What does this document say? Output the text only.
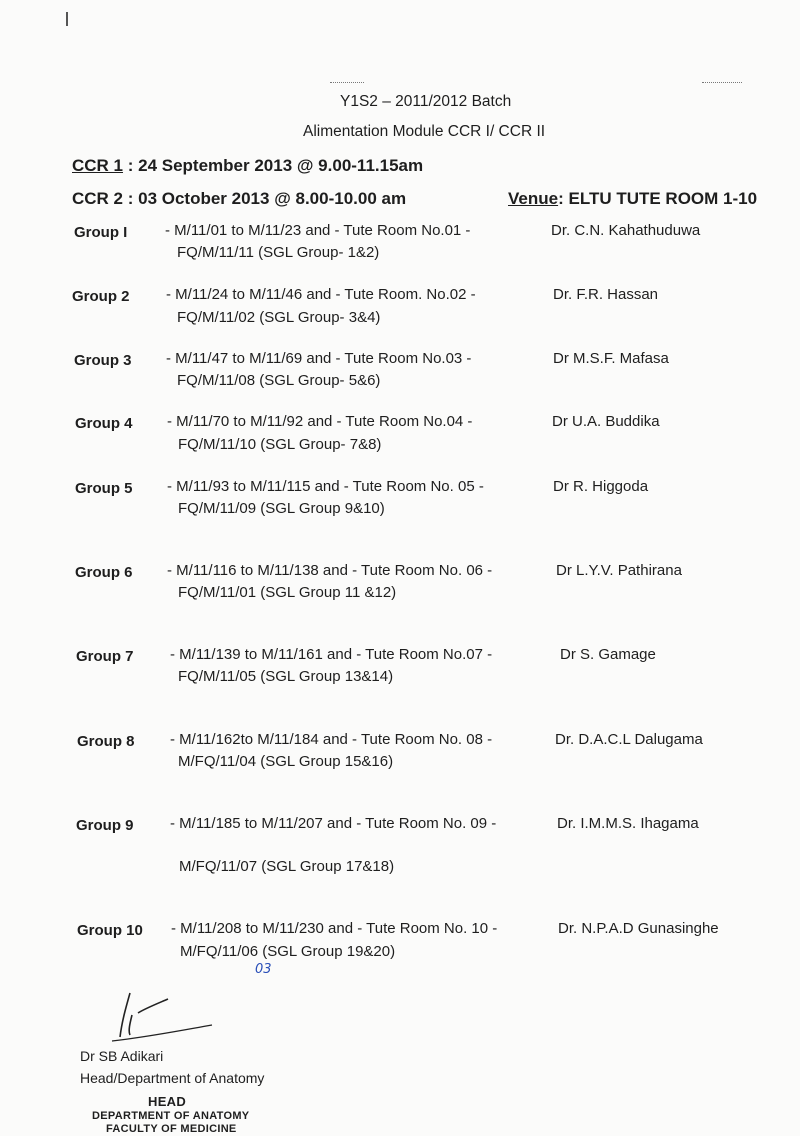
Y1S2 – 2011/2012 Batch
Alimentation Module CCR I/ CCR II
CCR 1 : 24 September 2013 @ 9.00-11.15am
CCR 2 : 03 October 2013 @ 8.00-10.00 am	Venue: ELTU TUTE ROOM 1-10
Group I	- M/11/01 to M/11/23 and - Tute Room No.01 -	Dr. C.N. Kahathuduwa
FQ/M/11/11 (SGL Group- 1&2)
Group 2 - M/11/24 to M/11/46 and - Tute Room. No.02 -	Dr. F.R. Hassan
FQ/M/11/02 (SGL Group- 3&4)
Group 3 - M/11/47 to M/11/69 and - Tute Room No.03 -	Dr M.S.F. Mafasa
FQ/M/11/08 (SGL Group- 5&6)
Group 4 - M/11/70 to M/11/92 and - Tute Room No.04 -	Dr U.A. Buddika
FQ/M/11/10 (SGL Group- 7&8)
Group 5 - M/11/93 to M/11/115 and - Tute Room No. 05 -	Dr R. Higgoda
FQ/M/11/09 (SGL Group 9&10)
Group 6 - M/11/116 to M/11/138 and - Tute Room No. 06 -	Dr L.Y.V. Pathirana
FQ/M/11/01 (SGL Group 11 &12)
Group 7 - M/11/139 to M/11/161 and - Tute Room No.07 -	Dr S. Gamage
FQ/M/11/05 (SGL Group 13&14)
Group 8 - M/11/162to M/11/184 and - Tute Room No. 08 -	Dr. D.A.C.L Dalugama
M/FQ/11/04 (SGL Group 15&16)
Group 9 - M/11/185 to M/11/207 and - Tute Room No. 09 -	Dr. I.M.M.S. Ihagama
M/FQ/11/07 (SGL Group 17&18)
Group 10 - M/11/208 to M/11/230 and - Tute Room No. 10 -	Dr. N.P.A.D Gunasinghe
M/FQ/11/06 (SGL Group 19&20)
03
Dr SB Adikari
Head/Department of Anatomy
HEAD
DEPARTMENT OF ANATOMY
FACULTY OF MEDICINE
